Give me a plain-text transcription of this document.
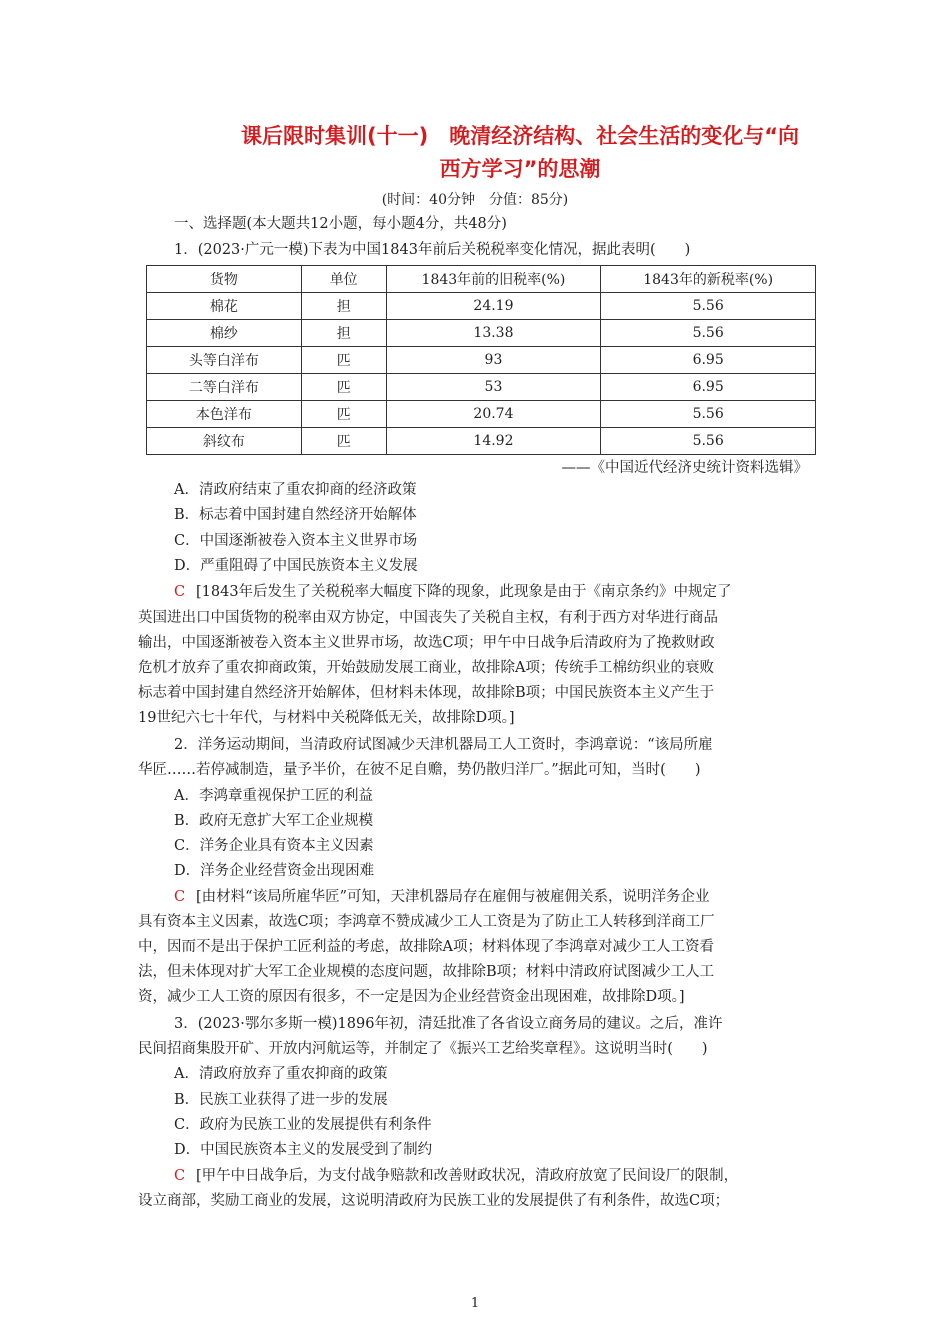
课后限时集训(十一)　晚清经济结构、社会生活的变化与“向
西方学习”的思潮
(时间：40分钟　分值：85分)
一、选择题(本大题共12小题，每小题4分，共48分)
1．(2023·广元一模)下表为中国1843年前后关税税率变化情况，据此表明(　　)
货物	单位	1843年前的旧税率(%)	1843年的新税率(%)
棉花	担	24.19	5.56
棉纱	担	13.38	5.56
头等白洋布	匹	93	6.95
二等白洋布	匹	53	6.95
本色洋布	匹	20.74	5.56
斜纹布	匹	14.92	5.56
——《中国近代经济史统计资料选辑》
A．清政府结束了重农抑商的经济政策
B．标志着中国封建自然经济开始解体
C．中国逐渐被卷入资本主义世界市场
D．严重阻碍了中国民族资本主义发展
C [1843年后发生了关税税率大幅度下降的现象，此现象是由于《南京条约》中规定了
英国进出口中国货物的税率由双方协定，中国丧失了关税自主权，有利于西方对华进行商品
输出，中国逐渐被卷入资本主义世界市场，故选C项；甲午中日战争后清政府为了挽救财政
危机才放弃了重农抑商政策，开始鼓励发展工商业，故排除A项；传统手工棉纺织业的衰败
标志着中国封建自然经济开始解体，但材料未体现，故排除B项；中国民族资本主义产生于
19世纪六七十年代，与材料中关税降低无关，故排除D项。]
2．洋务运动期间，当清政府试图减少天津机器局工人工资时，李鸿章说：“该局所雇
华匠……若停减制造，量予半价，在彼不足自赡，势仍散归洋厂。”据此可知，当时(　　)
A．李鸿章重视保护工匠的利益
B．政府无意扩大军工企业规模
C．洋务企业具有资本主义因素
D．洋务企业经营资金出现困难
C [由材料“该局所雇华匠”可知，天津机器局存在雇佣与被雇佣关系，说明洋务企业
具有资本主义因素，故选C项；李鸿章不赞成减少工人工资是为了防止工人转移到洋商工厂
中，因而不是出于保护工匠利益的考虑，故排除A项；材料体现了李鸿章对减少工人工资看
法，但未体现对扩大军工企业规模的态度问题，故排除B项；材料中清政府试图减少工人工
资，减少工人工资的原因有很多，不一定是因为企业经营资金出现困难，故排除D项。]
3．(2023·鄂尔多斯一模)1896年初，清廷批准了各省设立商务局的建议。之后，准许
民间招商集股开矿、开放内河航运等，并制定了《振兴工艺给奖章程》。这说明当时(　　)
A．清政府放弃了重农抑商的政策
B．民族工业获得了进一步的发展
C．政府为民族工业的发展提供有利条件
D．中国民族资本主义的发展受到了制约
C [甲午中日战争后，为支付战争赔款和改善财政状况，清政府放宽了民间设厂的限制，
设立商部，奖励工商业的发展，这说明清政府为民族工业的发展提供了有利条件，故选C项；
1
